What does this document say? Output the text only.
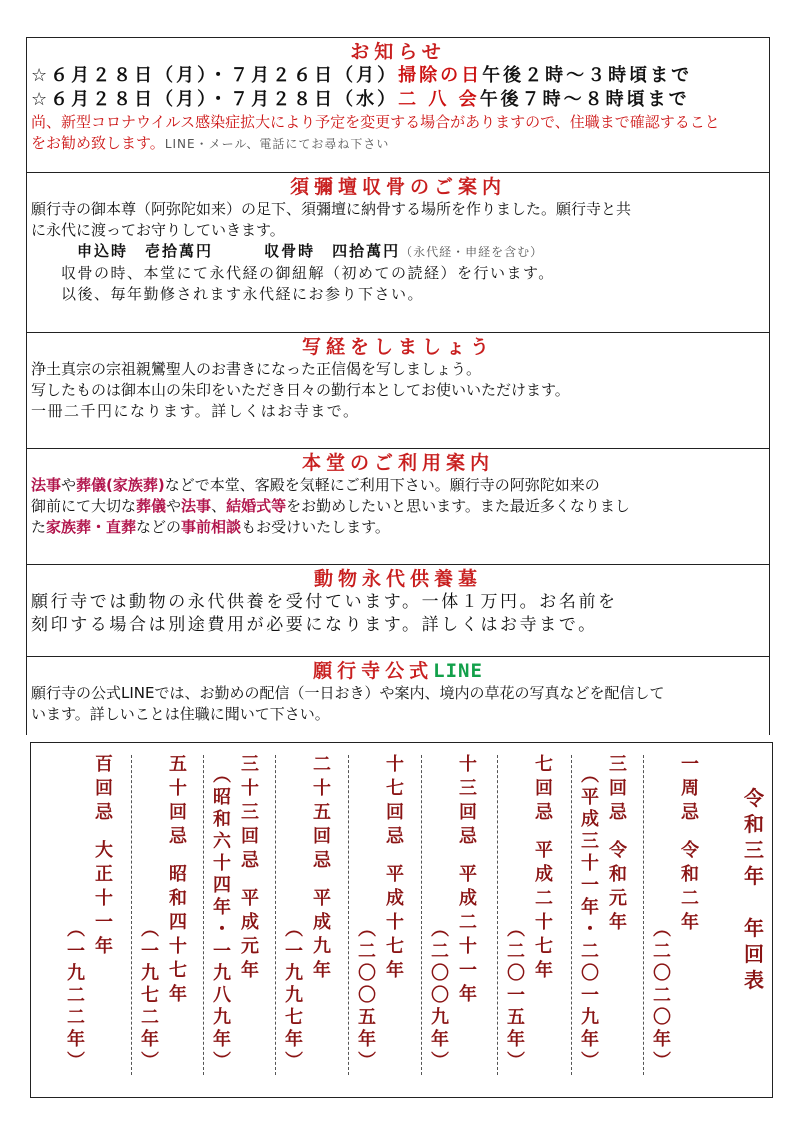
お知らせ
☆６月２８日（月）・７月２６日（月）掃除の日午後２時～３時頃まで
☆６月２８日（月）・７月２８日（水）二 八 会午後７時～８時頃まで
尚、新型コロナウイルス感染症拡大により予定を変更する場合がありますので、住職まで確認すること
をお勧め致します。LINE・メール、電話にてお尋ね下さい
須彌壇収骨のご案内
願行寺の御本尊（阿弥陀如来）の足下、須彌壇に納骨する場所を作りました。願行寺と共
に永代に渡ってお守りしていきます。
申込時　 壱拾萬円　　　	収骨時　 四拾萬円（永代経・申経を含む）
収骨の時、本堂にて永代経の御紐解（初めての読経）を行います。
以後、毎年勤修されます永代経にお参り下さい。
写経をしましょう
浄土真宗の宗祖親鸞聖人のお書きになった正信偈を写しましょう。
写したものは御本山の朱印をいただき日々の勤行本としてお使いいただけます。
一冊二千円になります。詳しくはお寺まで。
本堂のご利用案内
法事や葬儀(家族葬)などで本堂、客殿を気軽にご利用下さい。願行寺の阿弥陀如来の
御前にて大切な葬儀や法事、結婚式等をお勤めしたいと思います。また最近多くなりまし
た家族葬・直葬などの事前相談もお受けいたします。
動物永代供養墓
願行寺では動物の永代供養を受付ています。一体１万円。お名前を
刻印する場合は別途費用が必要になります。詳しくはお寺まで。
願行寺公式LINE
願行寺の公式LINEでは、お勤めの配信（一日おき）や案内、境内の草花の写真などを配信して
います。詳しいことは住職に聞いて下さい。
令
和
三
年

年
回
表
一
周
忌
令
和
二
年
︵
二
〇
二
〇
年
︶
三
回
忌
令
和
元
年
︵
平
成
三
十
一
年
・
二
〇
一
九
年
︶
七
回
忌
平
成
二
十
七
年
︵
二
〇
一
五
年
︶
十
三
回
忌
平
成
二
十
一
年
︵
二
〇
〇
九
年
︶
十
七
回
忌
平
成
十
七
年
︵
二
〇
〇
五
年
︶
二
十
五
回
忌
平
成
九
年
︵
一
九
九
七
年
︶
三
十
三
回
忌
平
成
元
年
︵
昭
和
六
十
四
年
・
一
九
八
九
年
︶
五
十
回
忌
昭
和
四
十
七
年
︵
一
九
七
二
年
︶
百
回
忌
大
正
十
一
年
︵
一
九
二
二
年
︶
